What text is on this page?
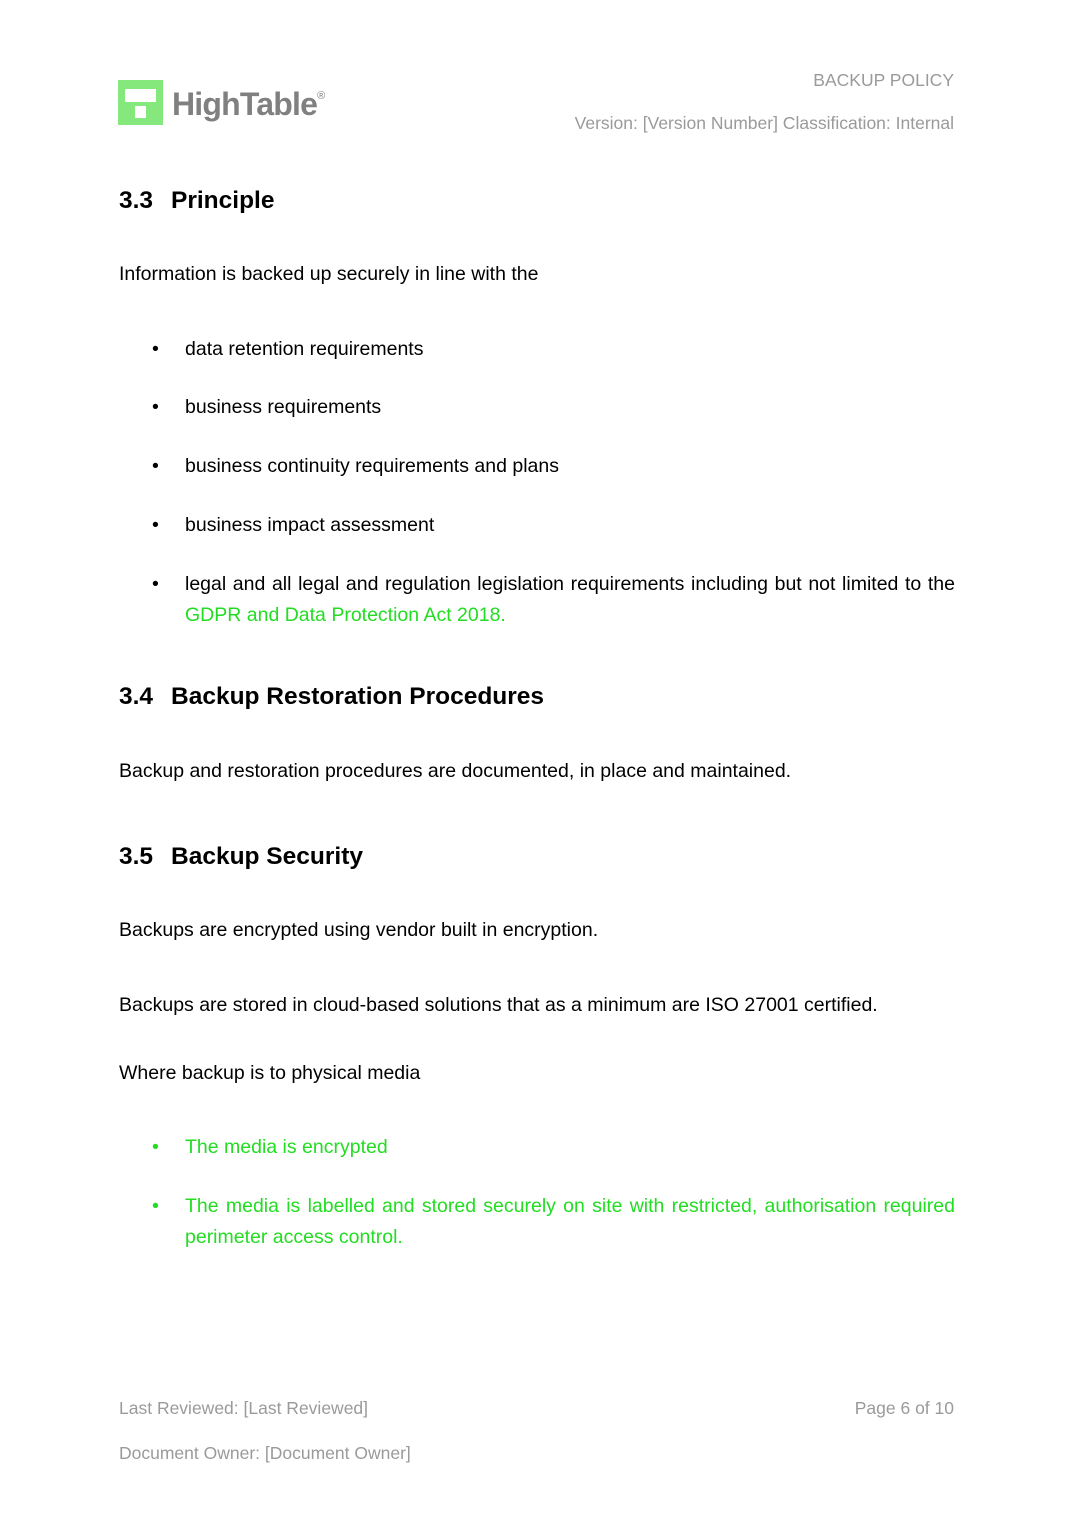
HighTable®
BACKUP POLICY
Version: [Version Number] Classification: Internal
3.3 Principle

Information is backed up securely in line with the

• data retention requirements
• business requirements
• business continuity requirements and plans
• business impact assessment
• legal and all legal and regulation legislation requirements including but not limited to the GDPR and Data Protection Act 2018.
3.4 Backup Restoration Procedures

Backup and restoration procedures are documented, in place and maintained.

3.5 Backup Security

Backups are encrypted using vendor built in encryption.

Backups are stored in cloud-based solutions that as a minimum are ISO 27001 certified.

Where backup is to physical media

• The media is encrypted
• The media is labelled and stored securely on site with restricted, authorisation required perimeter access control.
Last Reviewed: [Last Reviewed]	Page 6 of 10
Document Owner: [Document Owner]
